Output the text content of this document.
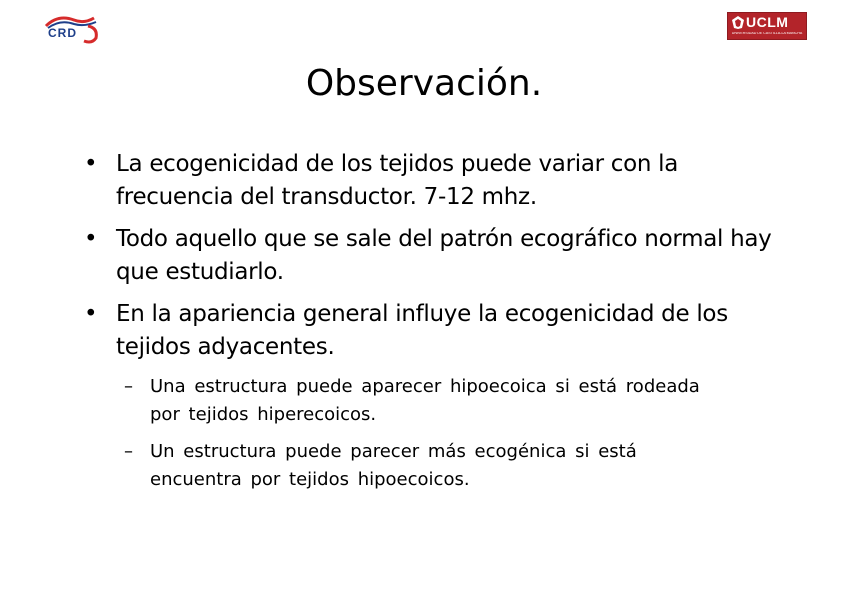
CRD
UCLM
UNIVERSIDAD DE CASTILLA-LA MANCHA
Observación.
• La ecogenicidad de los tejidos puede variar con la frecuencia del transductor. 7-12 mhz.
• Todo aquello que se sale del patrón ecográfico normal hay que estudiarlo.
• En la apariencia general influye la ecogenicidad de los tejidos adyacentes.
– Una estructura puede aparecer hipoecoica si está rodeada por tejidos hiperecoicos.
– Un estructura puede parecer más ecogénica si está encuentra por tejidos hipoecoicos.
